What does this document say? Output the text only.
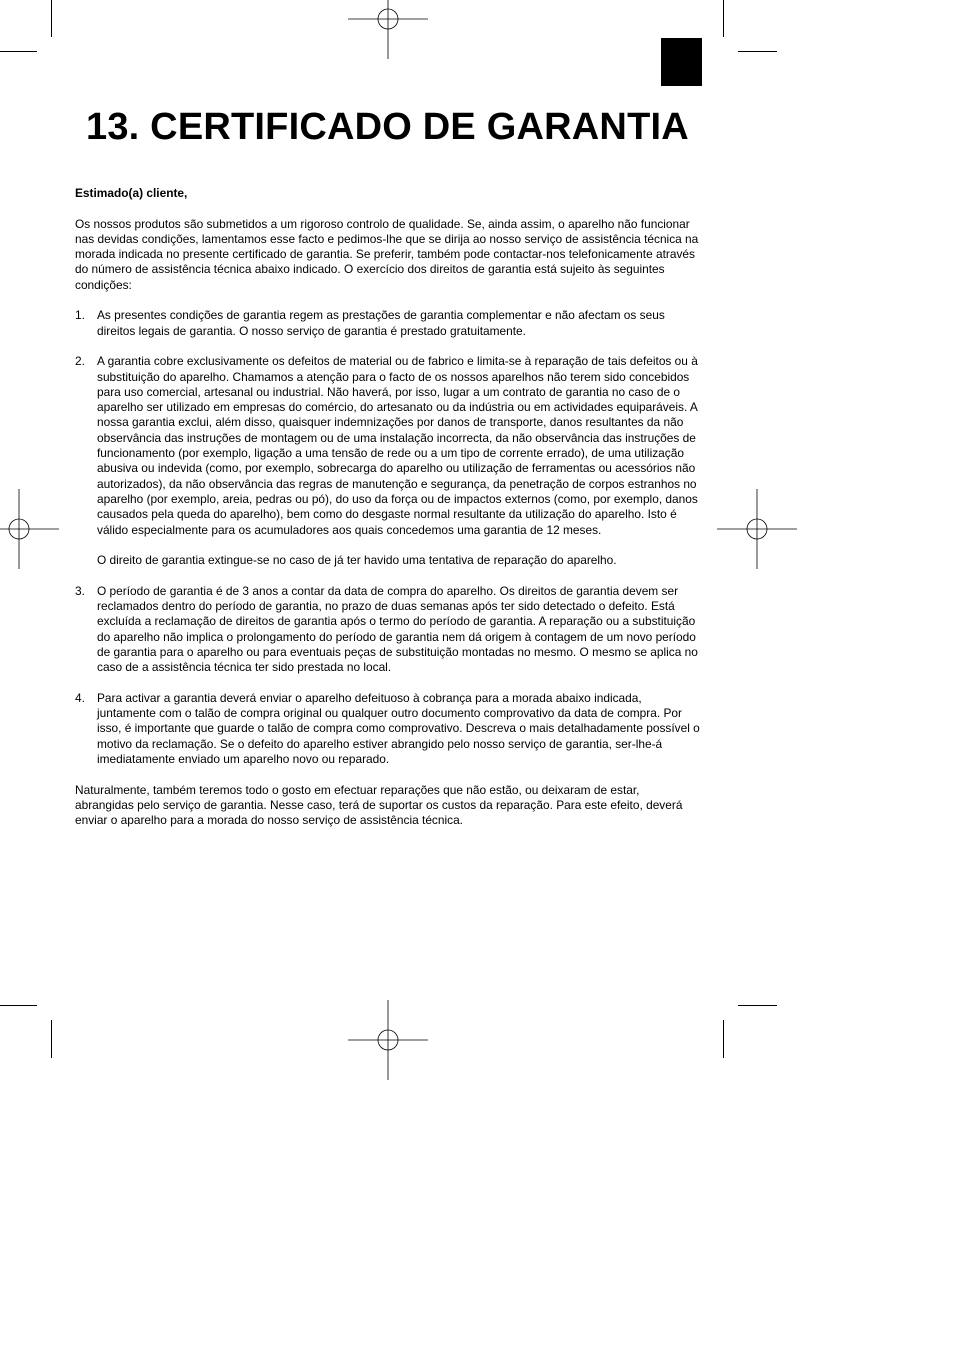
13. CERTIFICADO DE GARANTIA

Estimado(a) cliente,

Os nossos produtos são submetidos a um rigoroso controlo de qualidade. Se, ainda assim, o aparelho não funcionar nas devidas condições, lamentamos esse facto e pedimos-lhe que se dirija ao nosso serviço de assistência técnica na morada indicada no presente certificado de garantia. Se preferir, também pode contactar-nos telefonicamente através do número de assistência técnica abaixo indicado. O exercício dos direitos de garantia está sujeito às seguintes condições:

1. As presentes condições de garantia regem as prestações de garantia complementar e não afectam os seus direitos legais de garantia. O nosso serviço de garantia é prestado gratuitamente.

2. A garantia cobre exclusivamente os defeitos de material ou de fabrico e limita-se à reparação de tais defeitos ou à substituição do aparelho. Chamamos a atenção para o facto de os nossos aparelhos não terem sido concebidos para uso comercial, artesanal ou industrial. Não haverá, por isso, lugar a um contrato de garantia no caso de o aparelho ser utilizado em empresas do comércio, do artesanato ou da indústria ou em actividades equiparáveis. A nossa garantia exclui, além disso, quaisquer indemnizações por danos de transporte, danos resultantes da não observância das instruções de montagem ou de uma instalação incorrecta, da não observância das instruções de funcionamento (por exemplo, ligação a uma tensão de rede ou a um tipo de corrente errado), de uma utilização abusiva ou indevida (como, por exemplo, sobrecarga do aparelho ou utilização de ferramentas ou acessórios não autorizados), da não observância das regras de manutenção e segurança, da penetração de corpos estranhos no aparelho (por exemplo, areia, pedras ou pó), do uso da força ou de impactos externos (como, por exemplo, danos causados pela queda do aparelho), bem como do desgaste normal resultante da utilização do aparelho. Isto é válido especialmente para os acumuladores aos quais concedemos uma garantia de 12 meses.

O direito de garantia extingue-se no caso de já ter havido uma tentativa de reparação do aparelho.

3. O período de garantia é de 3 anos a contar da data de compra do aparelho. Os direitos de garantia devem ser reclamados dentro do período de garantia, no prazo de duas semanas após ter sido detectado o defeito. Está excluída a reclamação de direitos de garantia após o termo do período de garantia. A reparação ou a substituição do aparelho não implica o prolongamento do período de garantia nem dá origem à contagem de um novo período de garantia para o aparelho ou para eventuais peças de substituição montadas no mesmo. O mesmo se aplica no caso de a assistência técnica ter sido prestada no local.

4. Para activar a garantia deverá enviar o aparelho defeituoso à cobrança para a morada abaixo indicada, juntamente com o talão de compra original ou qualquer outro documento comprovativo da data de compra. Por isso, é importante que guarde o talão de compra como comprovativo. Descreva o mais detalhadamente possível o motivo da reclamação. Se o defeito do aparelho estiver abrangido pelo nosso serviço de garantia, ser-lhe-á imediatamente enviado um aparelho novo ou reparado.

Naturalmente, também teremos todo o gosto em efectuar reparações que não estão, ou deixaram de estar, abrangidas pelo serviço de garantia. Nesse caso, terá de suportar os custos da reparação. Para este efeito, deverá enviar o aparelho para a morada do nosso serviço de assistência técnica.
